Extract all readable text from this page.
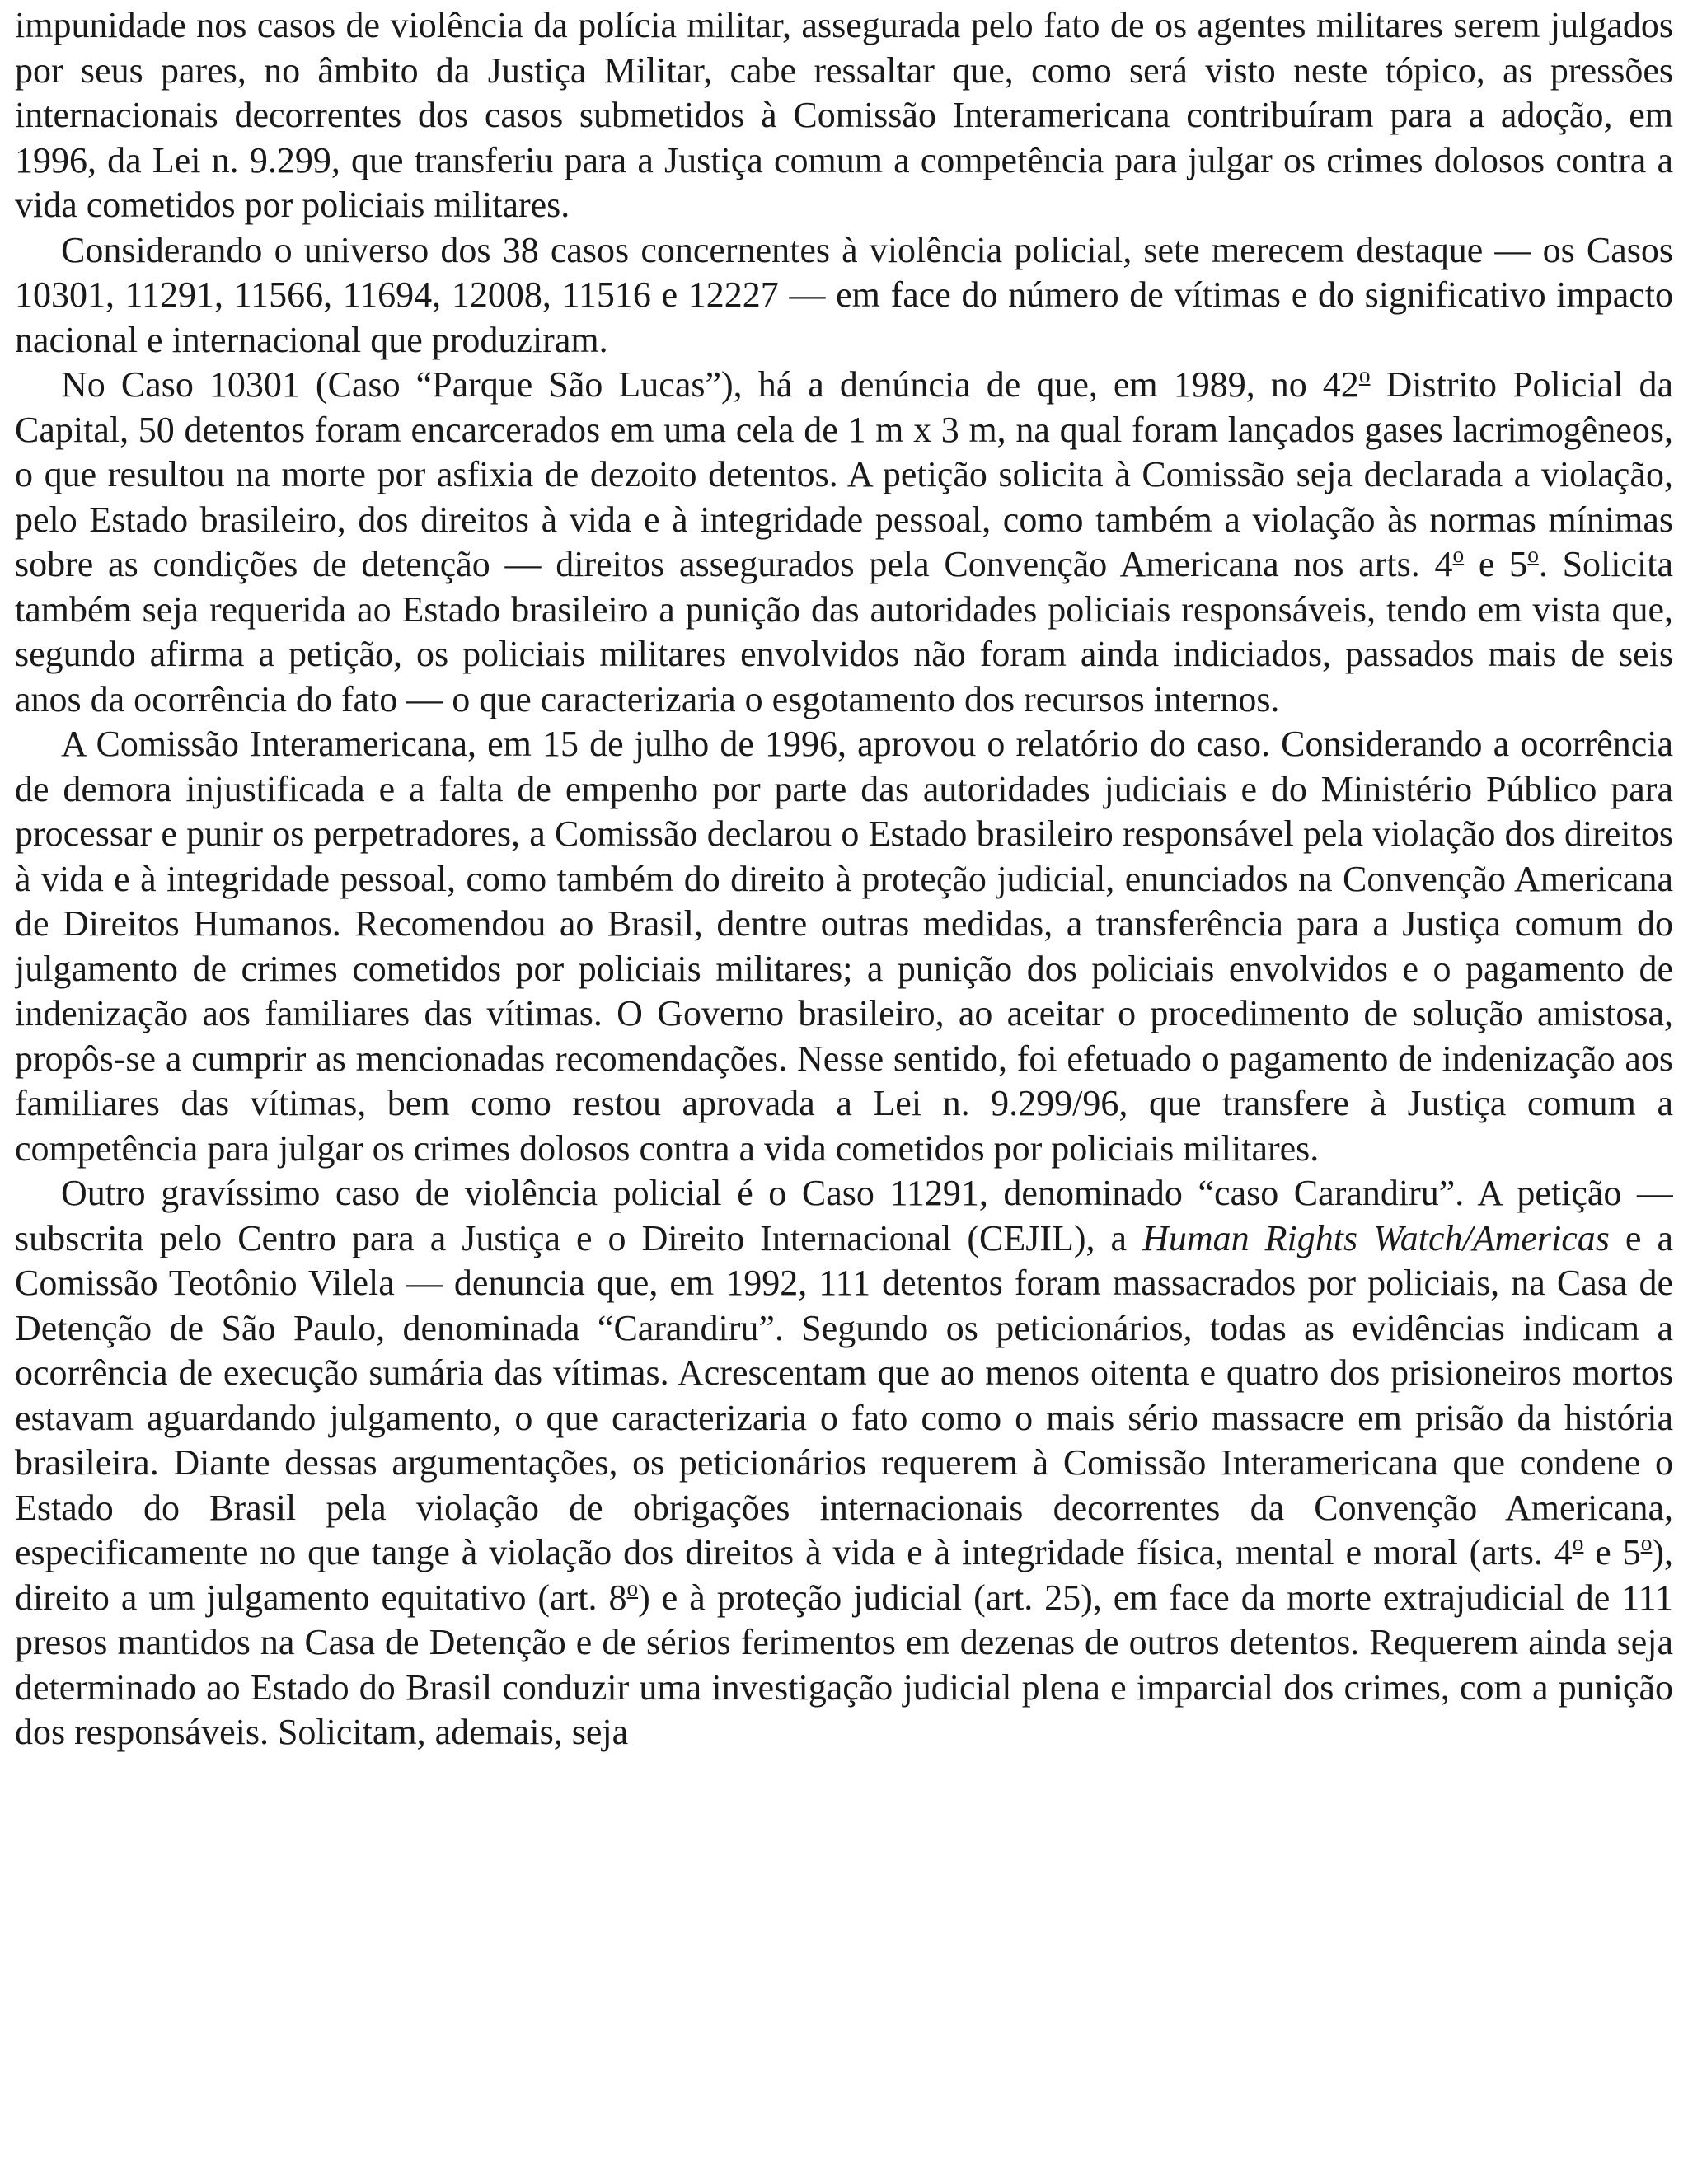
impunidade nos casos de violência da polícia militar, assegurada pelo fato de os agentes militares serem julgados por seus pares, no âmbito da Justiça Militar, cabe ressaltar que, como será visto neste tópico, as pressões internacionais decorrentes dos casos submetidos à Comissão Interamericana contribuíram para a adoção, em 1996, da Lei n. 9.299, que transferiu para a Justiça comum a competência para julgar os crimes dolosos contra a vida cometidos por policiais militares.

Considerando o universo dos 38 casos concernentes à violência policial, sete merecem destaque — os Casos 10301, 11291, 11566, 11694, 12008, 11516 e 12227 — em face do número de vítimas e do significativo impacto nacional e internacional que produziram.

No Caso 10301 (Caso “Parque São Lucas”), há a denúncia de que, em 1989, no 42$^o$ Distrito Policial da Capital, 50 detentos foram encarcerados em uma cela de 1 m x 3 m, na qual foram lançados gases lacrimogêneos, o que resultou na morte por asfixia de dezoito detentos. A petição solicita à Comissão seja declarada a violação, pelo Estado brasileiro, dos direitos à vida e à integridade pessoal, como também a violação às normas mínimas sobre as condições de detenção — direitos assegurados pela Convenção Americana nos arts. 4$^o$ e 5$^o$. Solicita também seja requerida ao Estado brasileiro a punição das autoridades policiais responsáveis, tendo em vista que, segundo afirma a petição, os policiais militares envolvidos não foram ainda indiciados, passados mais de seis anos da ocorrência do fato — o que caracterizaria o esgotamento dos recursos internos.

A Comissão Interamericana, em 15 de julho de 1996, aprovou o relatório do caso. Considerando a ocorrência de demora injustificada e a falta de empenho por parte das autoridades judiciais e do Ministério Público para processar e punir os perpetradores, a Comissão declarou o Estado brasileiro responsável pela violação dos direitos à vida e à integridade pessoal, como também do direito à proteção judicial, enunciados na Convenção Americana de Direitos Humanos. Recomendou ao Brasil, dentre outras medidas, a transferência para a Justiça comum do julgamento de crimes cometidos por policiais militares; a punição dos policiais envolvidos e o pagamento de indenização aos familiares das vítimas. O Governo brasileiro, ao aceitar o procedimento de solução amistosa, propôs-se a cumprir as mencionadas recomendações. Nesse sentido, foi efetuado o pagamento de indenização aos familiares das vítimas, bem como restou aprovada a Lei n. 9.299/96, que transfere à Justiça comum a competência para julgar os crimes dolosos contra a vida cometidos por policiais militares.

Outro gravíssimo caso de violência policial é o Caso 11291, denominado “caso Carandiru”. A petição — subscrita pelo Centro para a Justiça e o Direito Internacional (CEJIL), a Human Rights Watch/Americas e a Comissão Teotônio Vilela — denuncia que, em 1992, 111 detentos foram massacrados por policiais, na Casa de Detenção de São Paulo, denominada “Carandiru”. Segundo os peticionários, todas as evidências indicam a ocorrência de execução sumária das vítimas. Acrescentam que ao menos oitenta e quatro dos prisioneiros mortos estavam aguardando julgamento, o que caracterizaria o fato como o mais sério massacre em prisão da história brasileira. Diante dessas argumentações, os peticionários requerem à Comissão Interamericana que condene o Estado do Brasil pela violação de obrigações internacionais decorrentes da Convenção Americana, especificamente no que tange à violação dos direitos à vida e à integridade física, mental e moral (arts. 4$^o$ e 5$^o$), direito a um julgamento equitativo (art. 8$^o$) e à proteção judicial (art. 25), em face da morte extrajudicial de 111 presos mantidos na Casa de Detenção e de sérios ferimentos em dezenas de outros detentos. Requerem ainda seja determinado ao Estado do Brasil conduzir uma investigação judicial plena e imparcial dos crimes, com a punição dos responsáveis. Solicitam, ademais, seja
